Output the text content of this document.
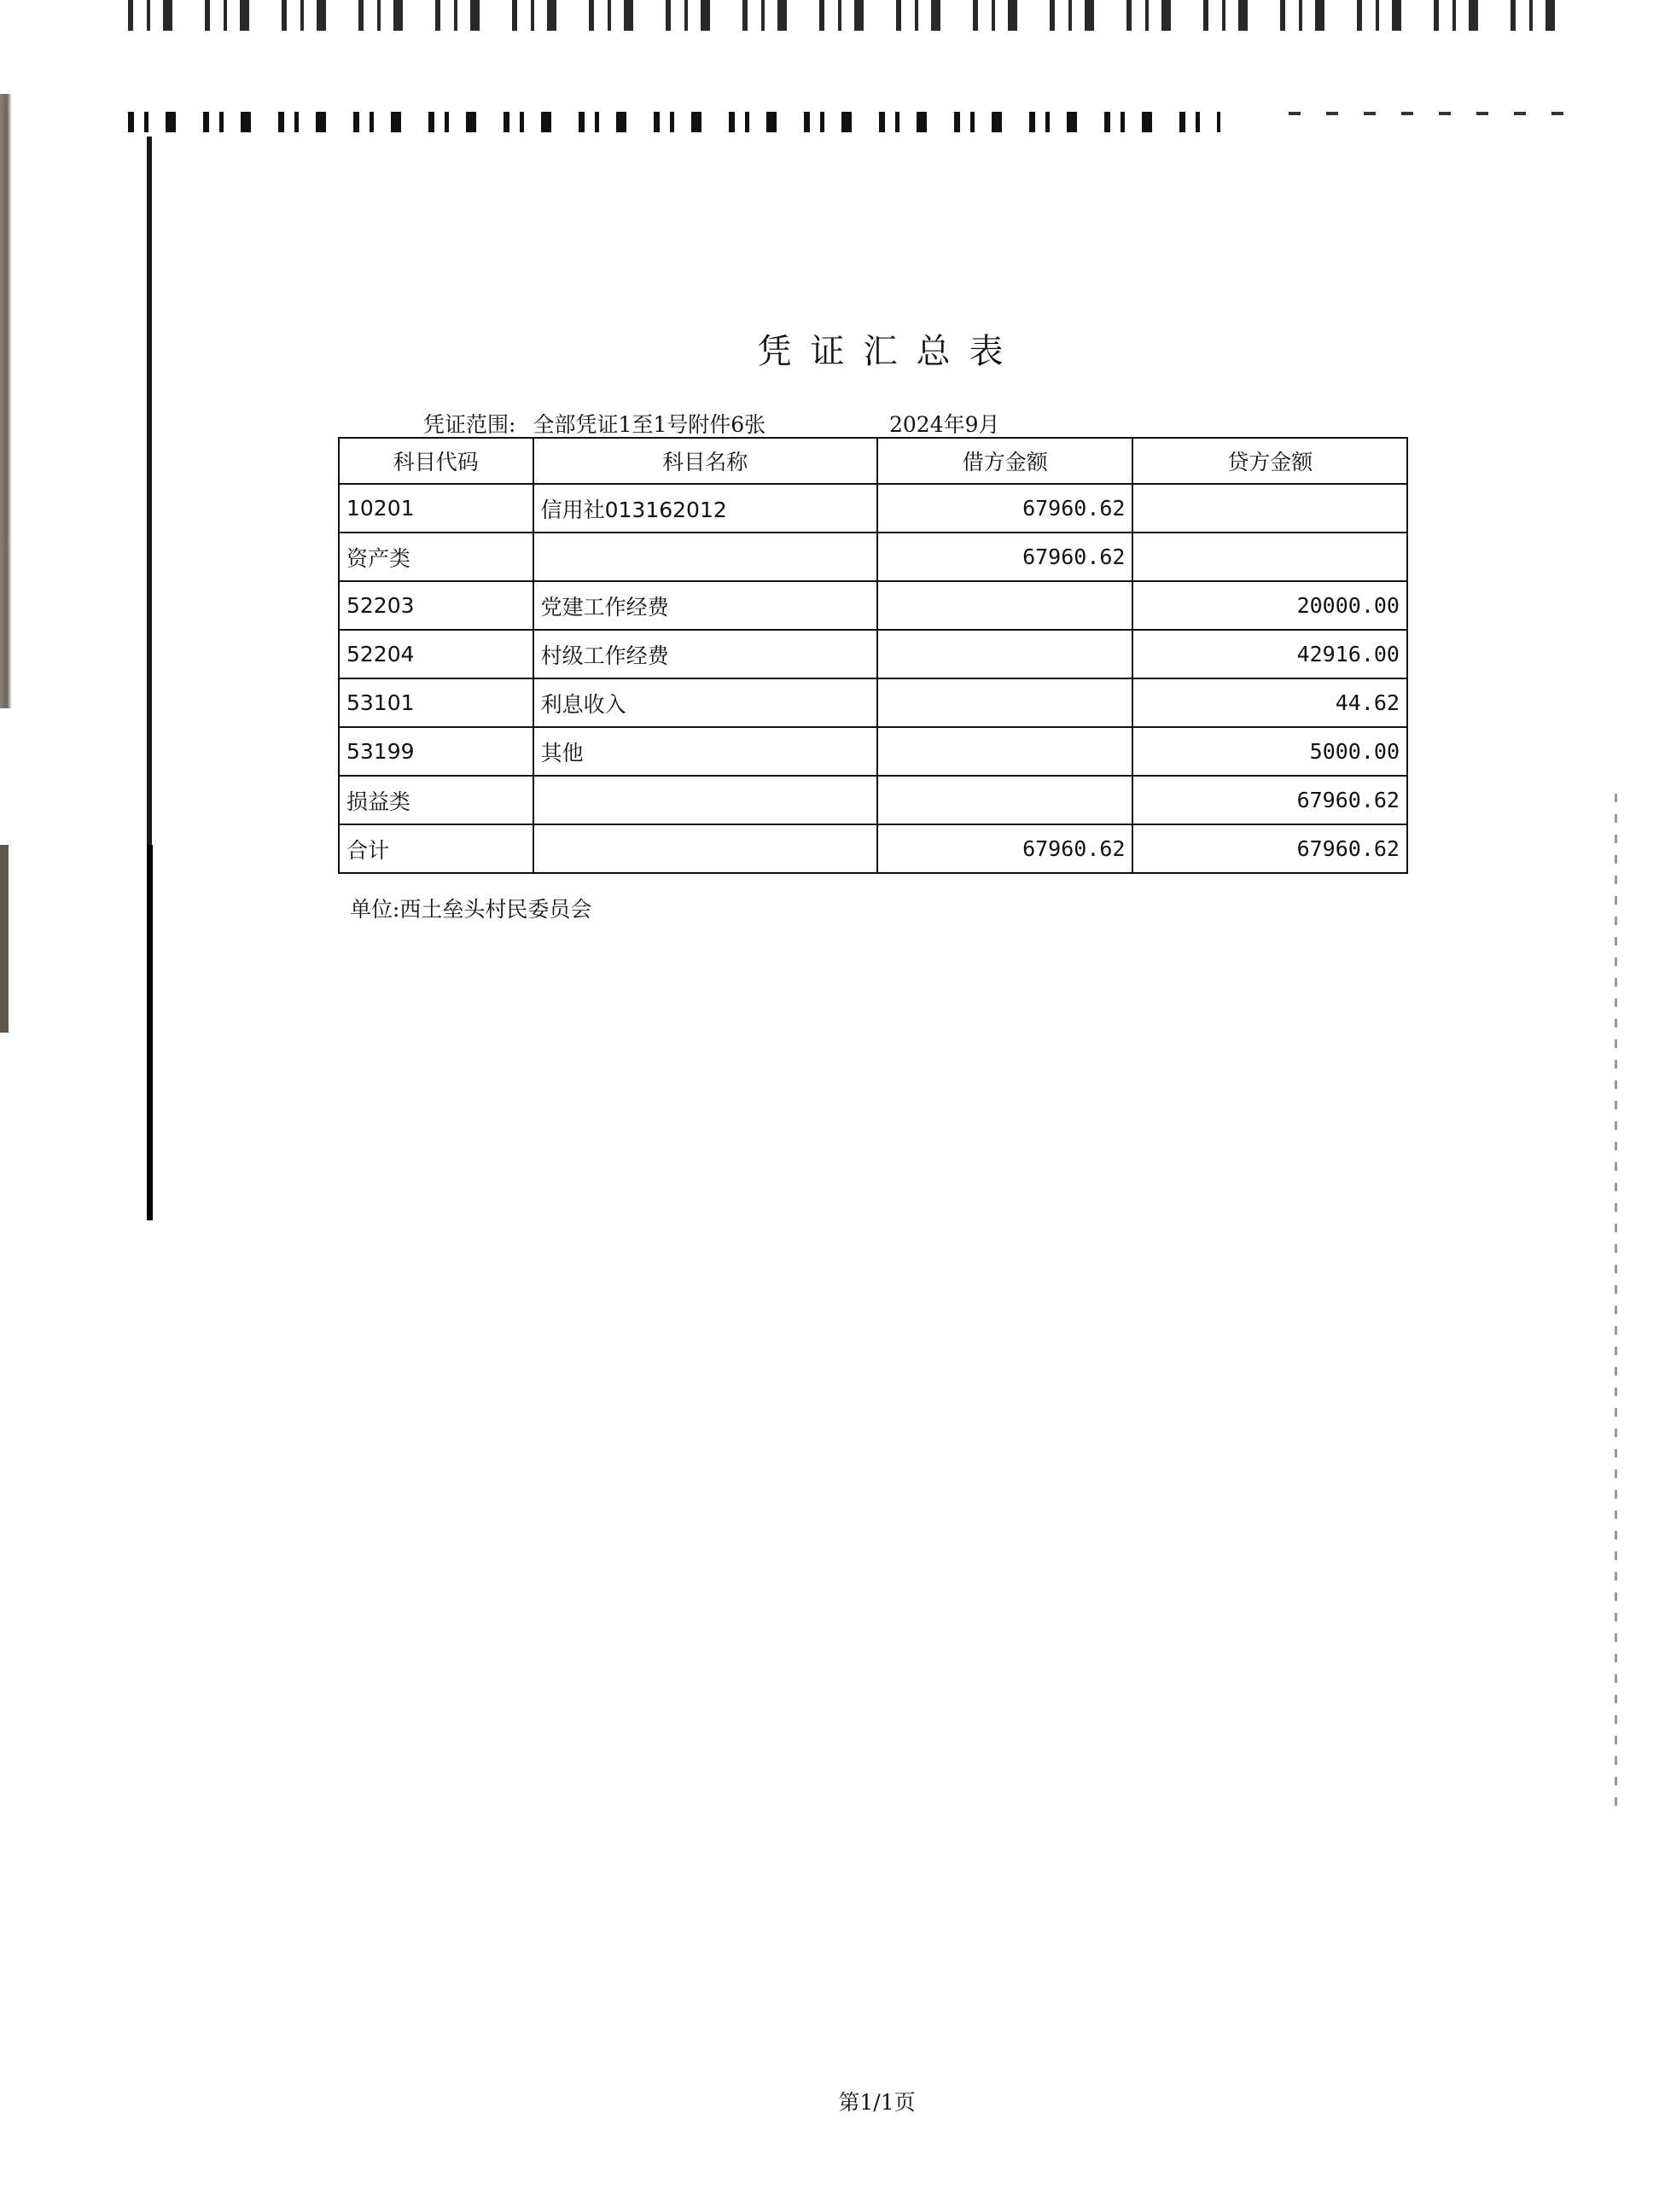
凭证汇总表
凭证范围: 全部凭证1至1号附件6张	2024年9月
科目代码	科目名称	借方金额	贷方金额
10201	信用社013162012	67960.62	
资产类		67960.62	
52203	党建工作经费		20000.00
52204	村级工作经费		42916.00
53101	利息收入		44.62
53199	其他		5000.00
损益类			67960.62
合计		67960.62	67960.62
单位:西土垒头村民委员会
第1/1页
